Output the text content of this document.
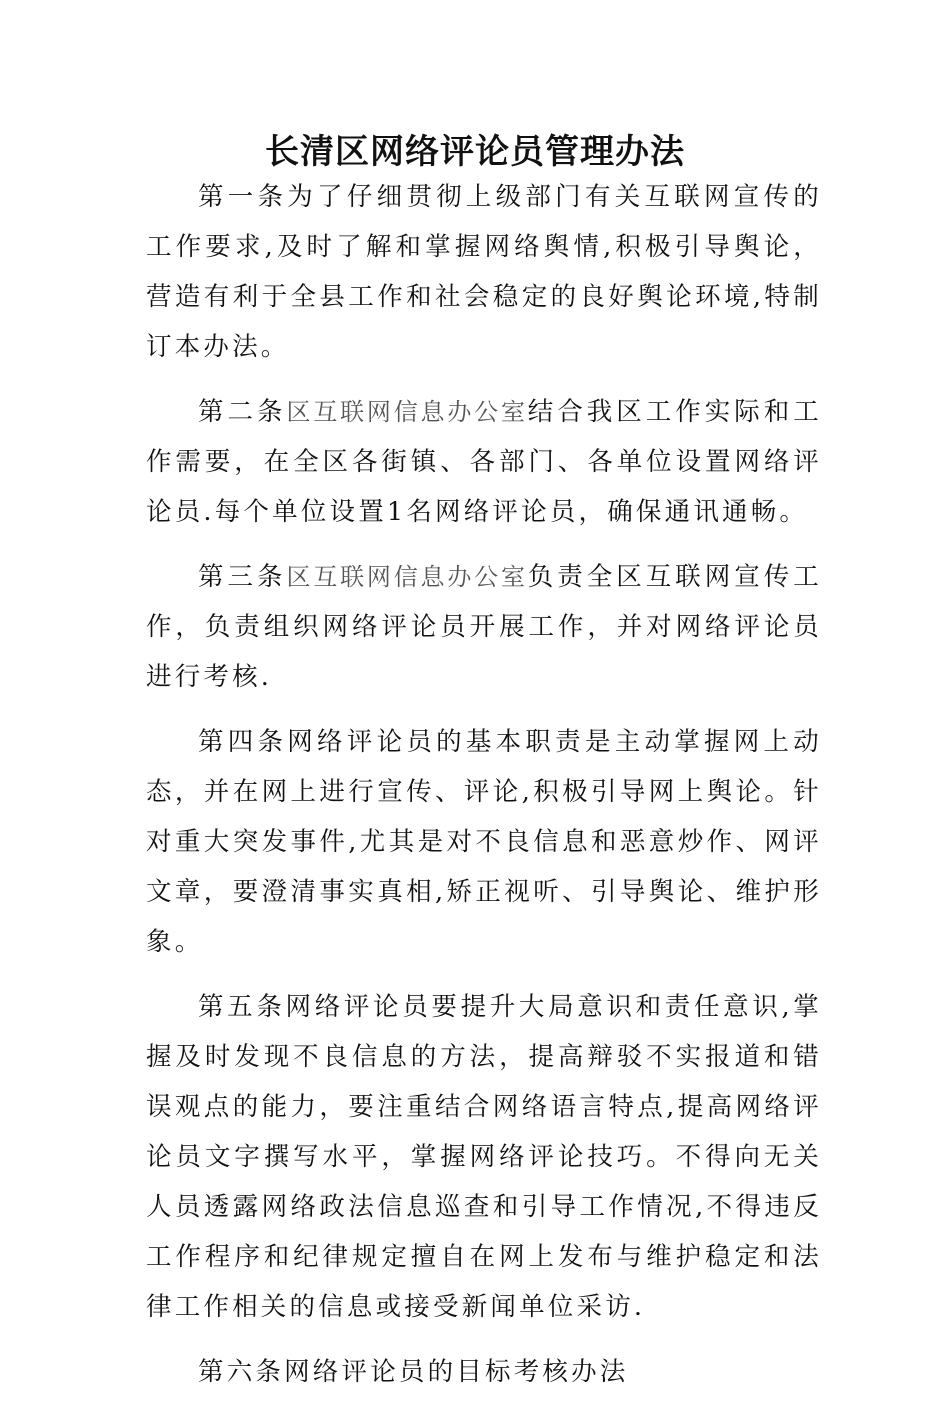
长清区网络评论员管理办法

第一条为了仔细贯彻上级部门有关互联网宣传的工作要求,及时了解和掌握网络舆情,积极引导舆论，营造有利于全县工作和社会稳定的良好舆论环境,特制订本办法。

第二条区互联网信息办公室结合我区工作实际和工作需要，在全区各街镇、各部门、各单位设置网络评论员.每个单位设置1名网络评论员，确保通讯通畅。

第三条区互联网信息办公室负责全区互联网宣传工作，负责组织网络评论员开展工作，并对网络评论员进行考核.

第四条网络评论员的基本职责是主动掌握网上动态，并在网上进行宣传、评论,积极引导网上舆论。针对重大突发事件,尤其是对不良信息和恶意炒作、网评文章，要澄清事实真相,矫正视听、引导舆论、维护形象。

第五条网络评论员要提升大局意识和责任意识,掌握及时发现不良信息的方法，提高辩驳不实报道和错误观点的能力，要注重结合网络语言特点,提高网络评论员文字撰写水平，掌握网络评论技巧。不得向无关人员透露网络政法信息巡查和引导工作情况,不得违反工作程序和纪律规定擅自在网上发布与维护稳定和法律工作相关的信息或接受新闻单位采访.

第六条网络评论员的目标考核办法
